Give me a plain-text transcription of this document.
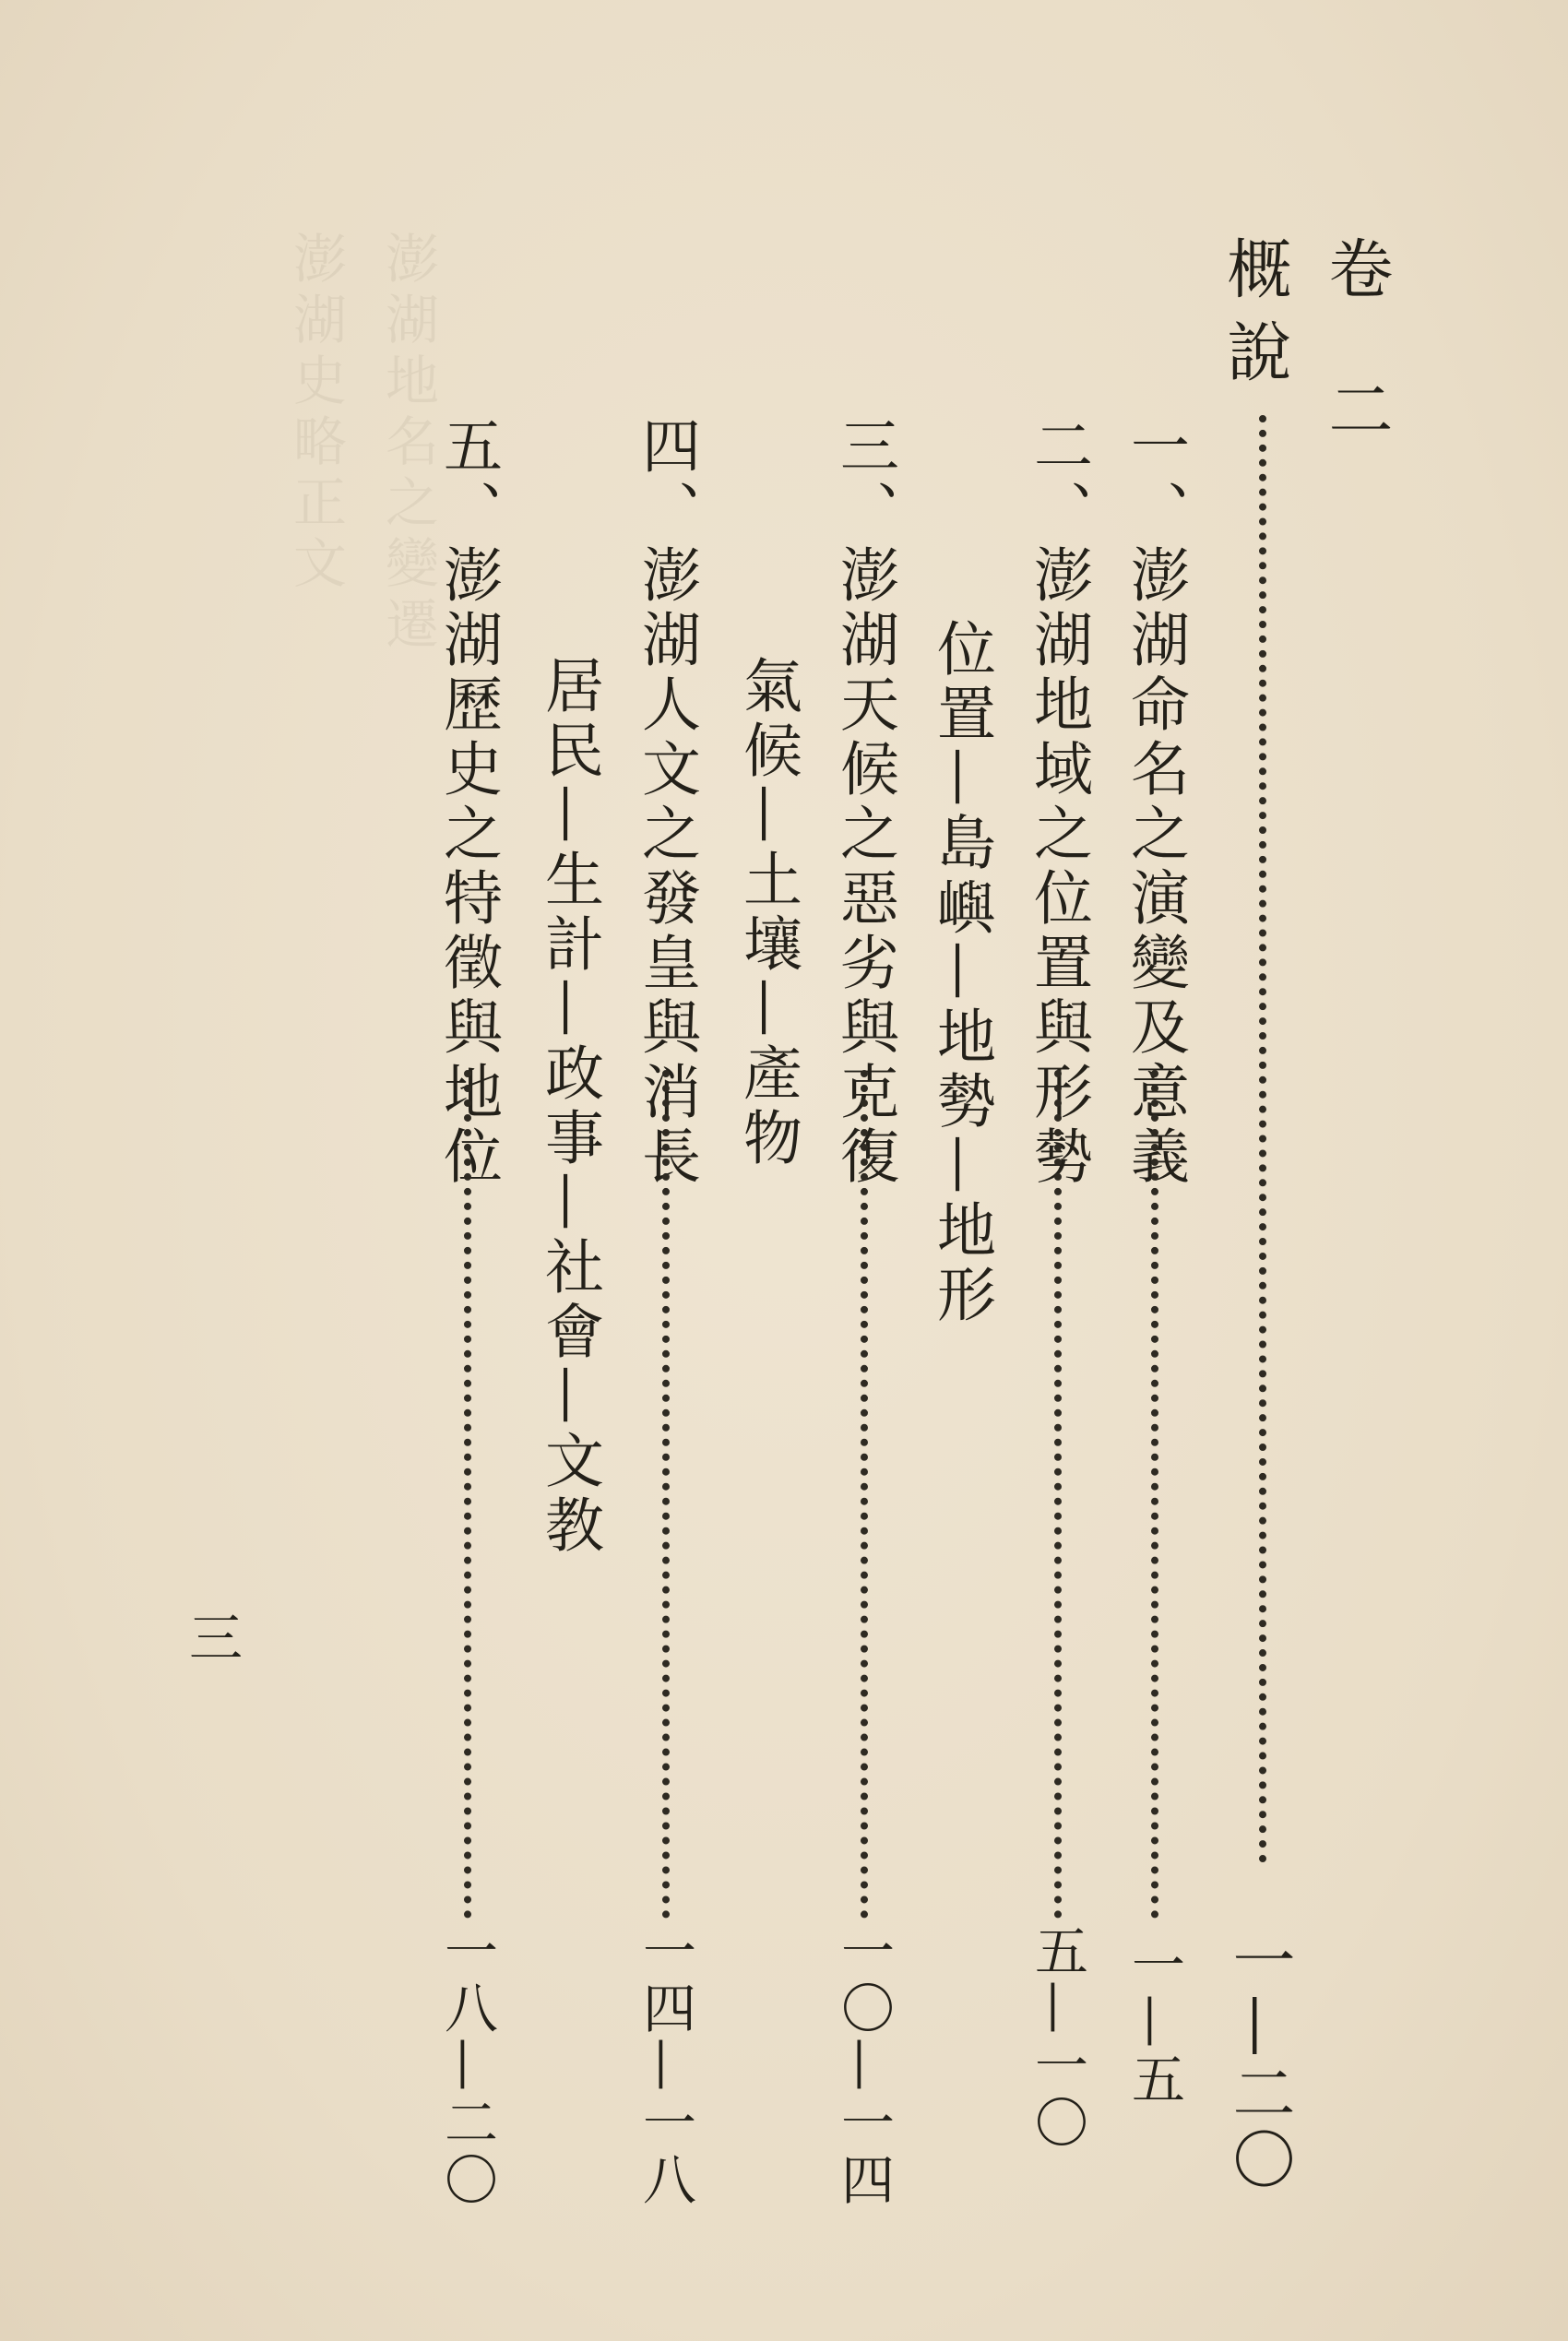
澎湖史略正文 澎湖地名之變遷	卷 二
概說
一—二〇
一、澎湖命名之演變及意義
一—五
二、澎湖地域之位置與形勢
五—一〇
位置—島嶼—地勢—地形
三、澎湖天候之惡劣與克復
一〇—一四
氣候—土壤—產物
四、澎湖人文之發皇與消長
一四—一八
居民—生計—政事—社會—文教
五、澎湖歷史之特徵與地位
一八—二〇
三
